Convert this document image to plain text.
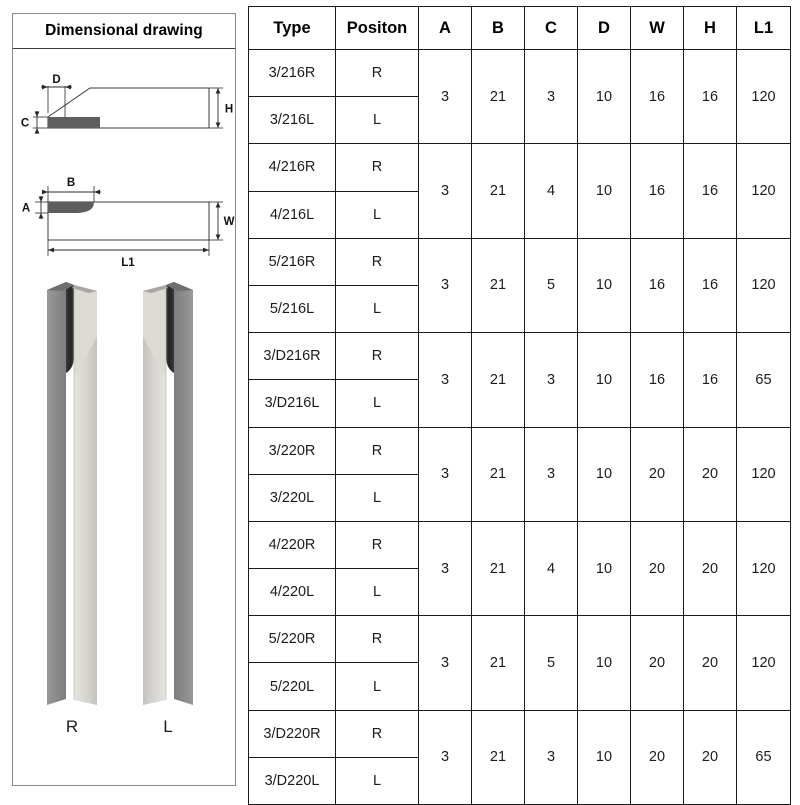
Dimensional drawing
D
C
H
B
A
W
L1
R	L
Type	Positon	A	B	C	D	W	H	L1
3/216R	R	3	21	3	10	16	16	120
3/216L	L							
4/216R	R	3	21	4	10	16	16	120
4/216L	L							
5/216R	R	3	21	5	10	16	16	120
5/216L	L							
3/D216R	R	3	21	3	10	16	16	65
3/D216L	L							
3/220R	R	3	21	3	10	20	20	120
3/220L	L							
4/220R	R	3	21	4	10	20	20	120
4/220L	L							
5/220R	R	3	21	5	10	20	20	120
5/220L	L							
3/D220R	R	3	21	3	10	20	20	65
3/D220L	L							
